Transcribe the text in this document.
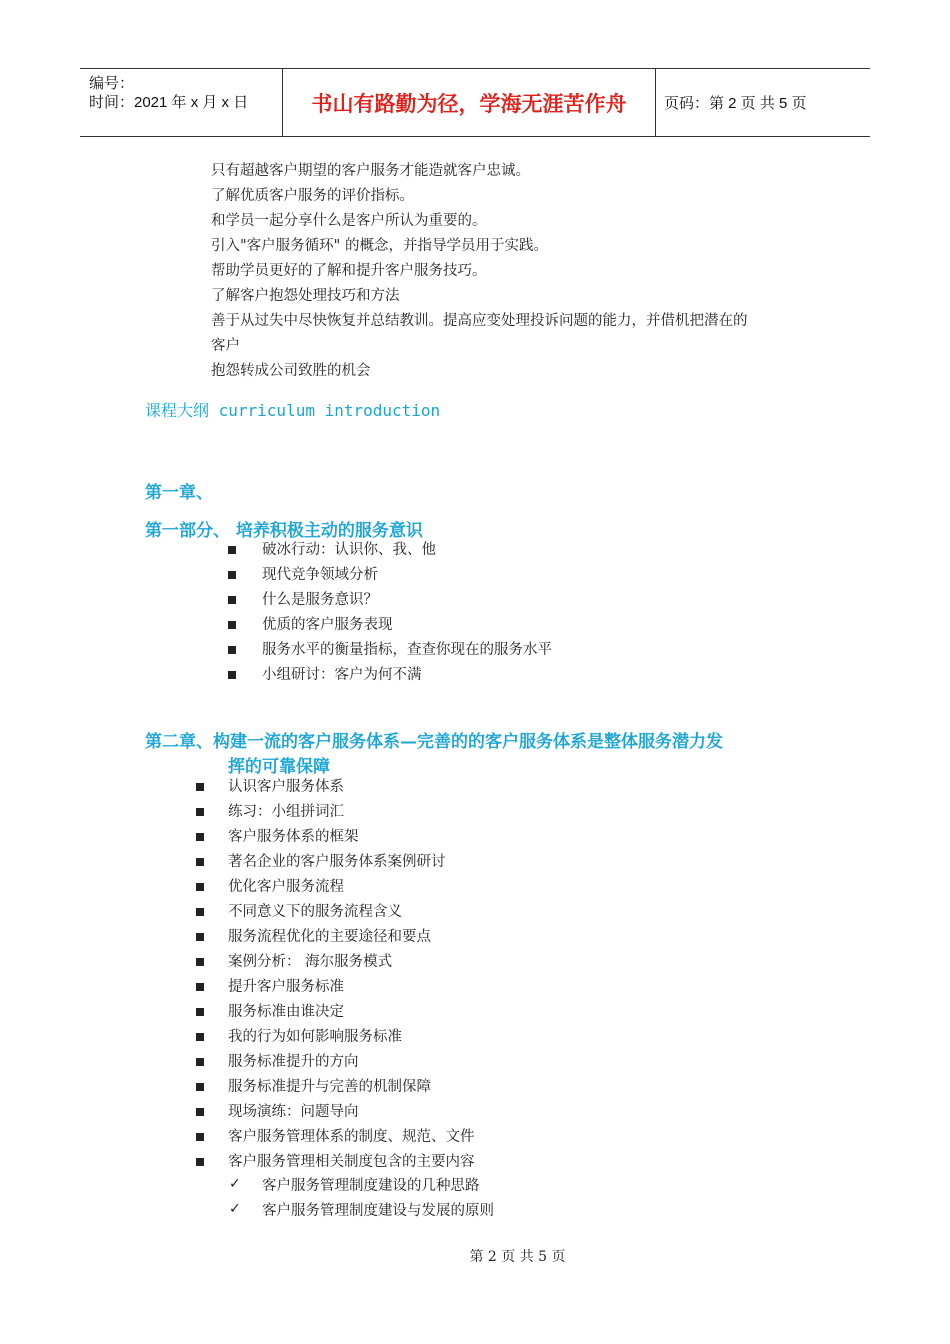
编号：
时间：2021 年 x 月 x 日	书山有路勤为径，学海无涯苦作舟	页码：第 2 页 共 5 页
只有超越客户期望的客户服务才能造就客户忠诚。
了解优质客户服务的评价指标。
和学员一起分享什么是客户所认为重要的。
引入"客户服务循环" 的概念，并指导学员用于实践。
帮助学员更好的了解和提升客户服务技巧。
了解客户抱怨处理技巧和方法
善于从过失中尽快恢复并总结教训。提高应变处理投诉问题的能力，并借机把潜在的
客户
抱怨转成公司致胜的机会
课程大纲 curriculum introduction
第一章、
第一部分、 培养积极主动的服务意识
破冰行动：认识你、我、他
现代竞争领域分析
什么是服务意识？
优质的客户服务表现
服务水平的衡量指标，查查你现在的服务水平
小组研讨：客户为何不满
第二章、构建一流的客户服务体系—完善的的客户服务体系是整体服务潜力发
挥的可靠保障
认识客户服务体系
练习：小组拼词汇
客户服务体系的框架
著名企业的客户服务体系案例研讨
优化客户服务流程
不同意义下的服务流程含义
服务流程优化的主要途径和要点
案例分析： 海尔服务模式
提升客户服务标准
服务标准由谁决定
我的行为如何影响服务标准
服务标准提升的方向
服务标准提升与完善的机制保障
现场演练：问题导向
客户服务管理体系的制度、规范、文件
客户服务管理相关制度包含的主要内容
✓ 客户服务管理制度建设的几种思路
✓ 客户服务管理制度建设与发展的原则
第 2 页 共 5 页
